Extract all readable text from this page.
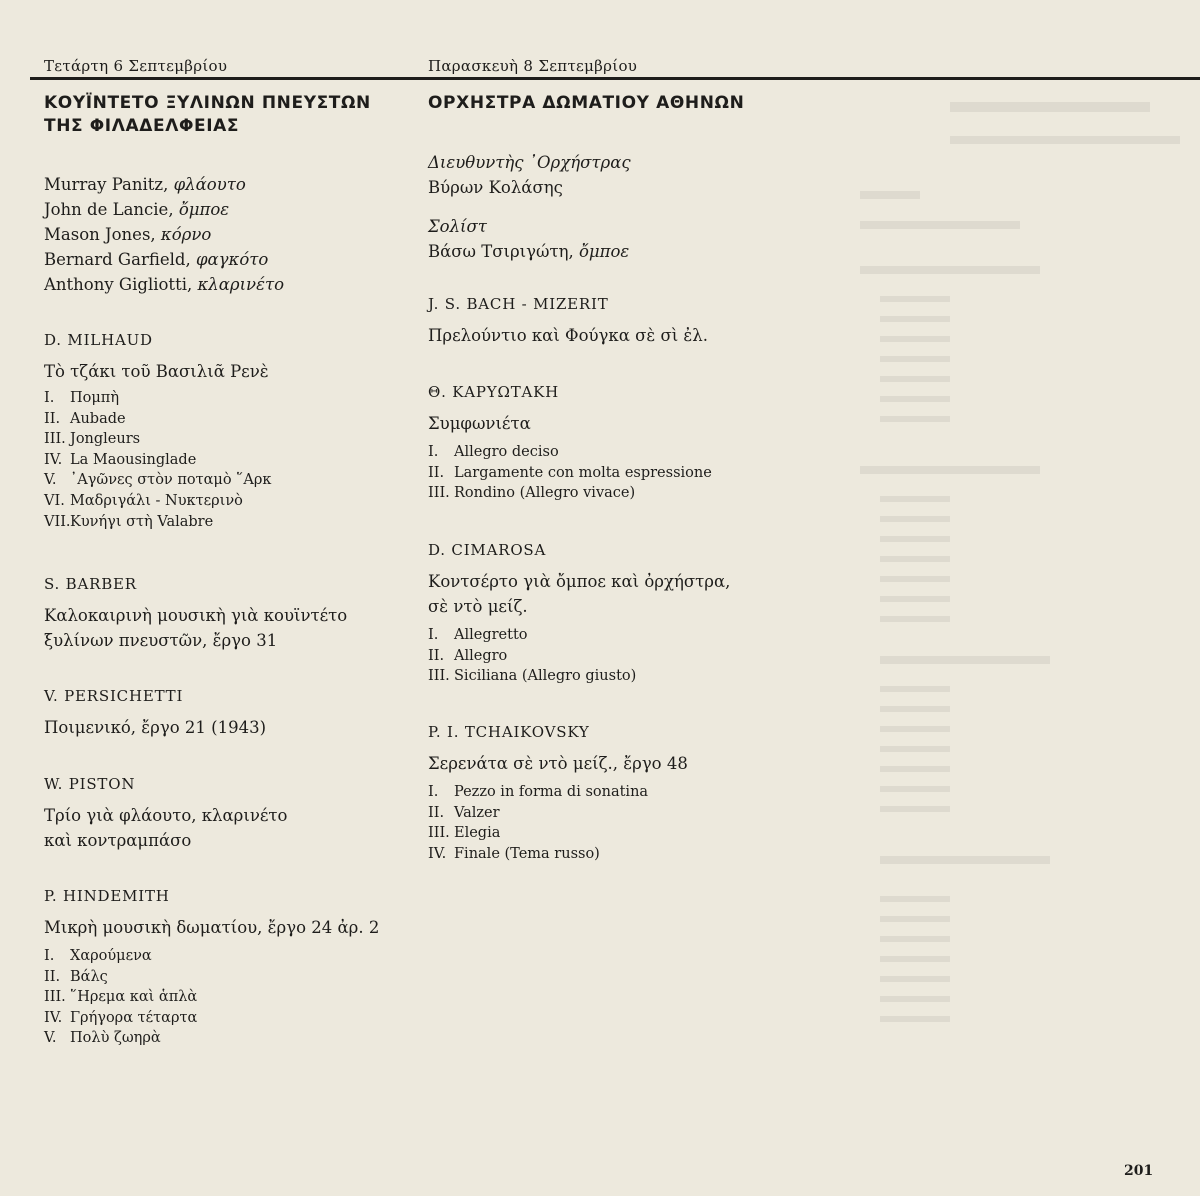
Τετάρτη 6 Σεπτεμβρίου	Παρασκευὴ 8 Σεπτεμβρίου
ΚΟΥΪΝΤΕΤΟ ΞΥΛΙΝΩΝ ΠΝΕΥΣΤΩΝ
ΤΗΣ ΦΙΛΑΔΕΛΦΕΙΑΣ
Murray Panitz, φλάουτο
John de Lancie, ὄμποε
Mason Jones, κόρνο
Bernard Garfield, φαγκότο
Anthony Gigliotti, κλαρινέτο
D. MILHAUD
Τὸ τζάκι τοῦ Βασιλιᾶ Ρενὲ
I. Πομπὴ
II. Aubade
III. Jongleurs
IV. La Maousinglade
V. ᾿Αγῶνες στὸν ποταμὸ ῞Αρκ
VI. Μαδριγάλι - Νυκτερινὸ
VII.Κυνήγι στὴ Valabre
S. BARBER
Καλοκαιρινὴ μουσικὴ γιὰ κουϊντέτο
ξυλίνων πνευστῶν, ἔργο 31
V. PERSICHETTI
Ποιμενικό, ἔργο 21 (1943)
W. PISTON
Τρίο γιὰ φλάουτο, κλαρινέτο
καὶ κοντραμπάσο
P. HINDEMITH
Μικρὴ μουσικὴ δωματίου, ἔργο 24 ἀρ. 2
I. Χαρούμενα
II. Βάλς
III. ῞Ηρεμα καὶ ἁπλὰ
IV. Γρήγορα τέταρτα
V. Πολὺ ζωηρὰ
ΟΡΧΗΣΤΡΑ ΔΩΜΑΤΙΟΥ ΑΘΗΝΩΝ
Διευθυντὴς ᾿Ορχήστρας
Βύρων Κολάσης
Σολίστ
Βάσω Τσιριγώτη, ὄμποε
J. S. BACH - MIZERIT
Πρελούντιο καὶ Φούγκα σὲ σὶ ἐλ.
Θ. ΚΑΡΥΩΤΑΚΗ
Συμφωνιέτα
I. Allegro deciso
II. Largamente con molta espressione
III. Rondino (Allegro vivace)
D. CIMAROSA
Κοντσέρτο γιὰ ὄμποε καὶ ὀρχήστρα,
σὲ ντὸ μείζ.
I. Allegretto
II. Allegro
III. Siciliana (Allegro giusto)
P. I. TCHAIKOVSKY
Σερενάτα σὲ ντὸ μείζ., ἔργο 48
I. Pezzo in forma di sonatina
II. Valzer
III. Elegia
IV. Finale (Tema russo)
201
